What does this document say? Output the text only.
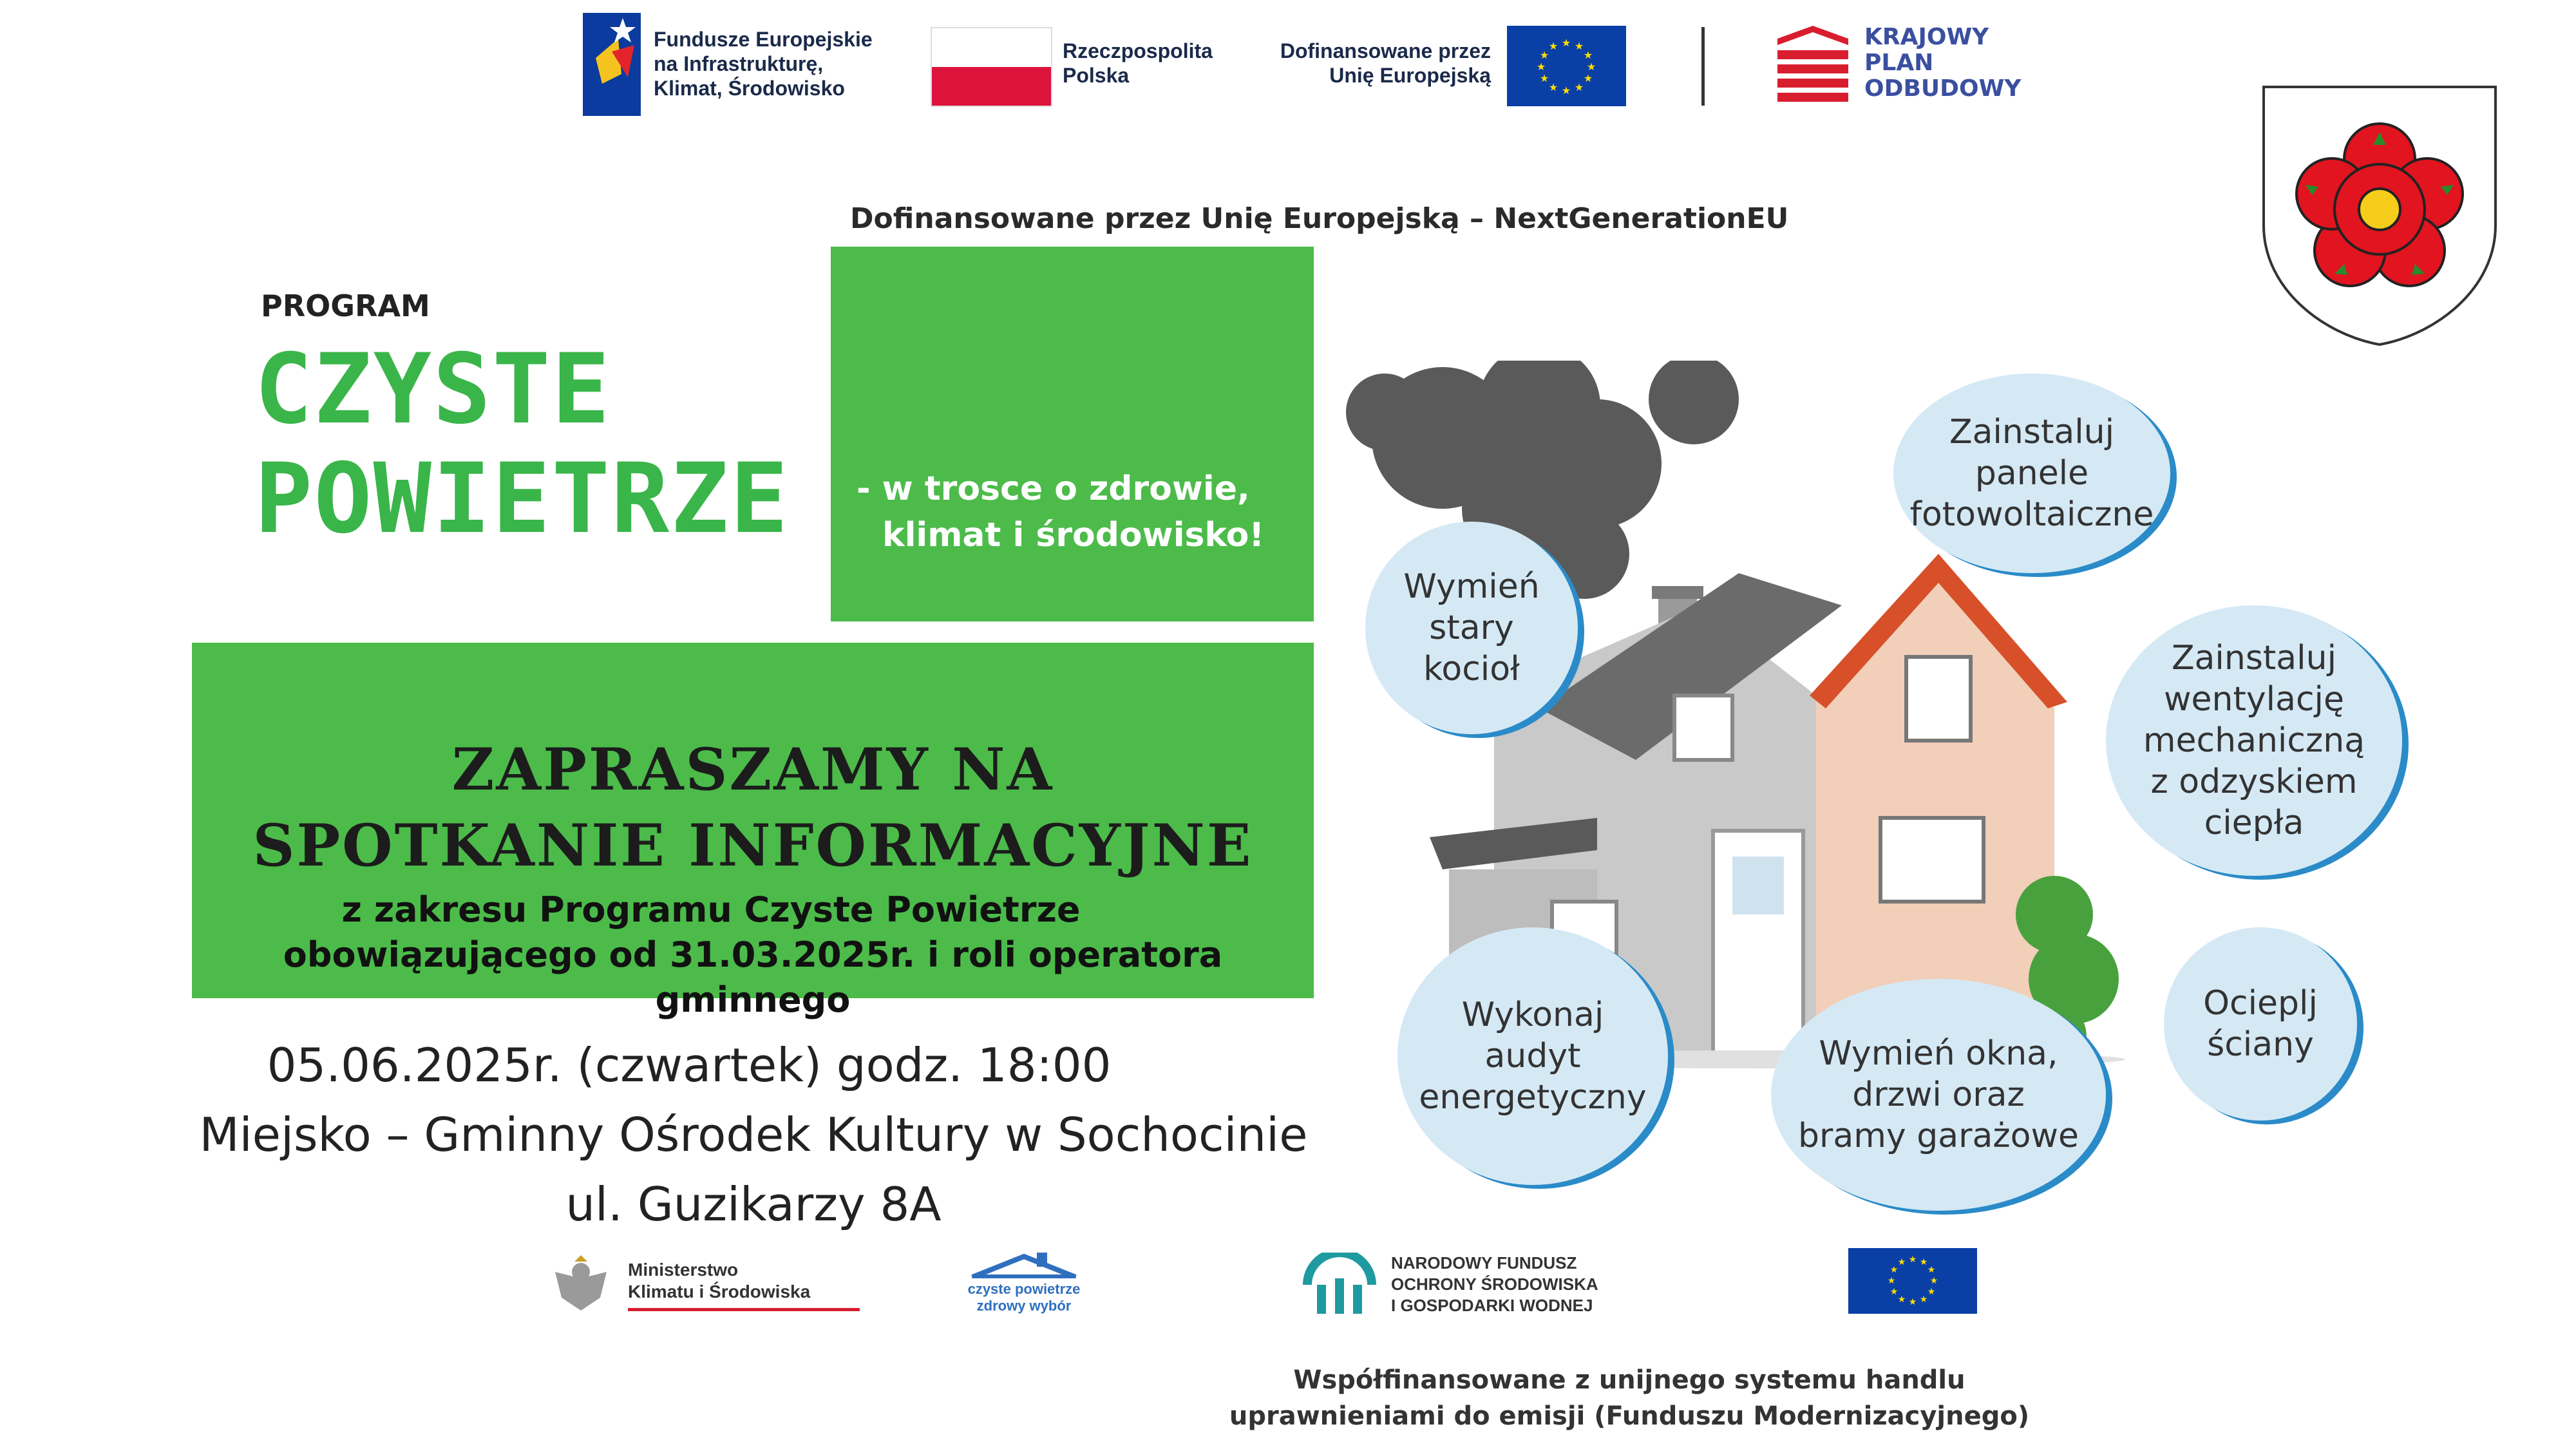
Fundusze Europejskie
na Infrastrukturę,
Klimat, Środowisko
Rzeczpospolita
Polska
Dofinansowane przez
Unię Europejską
★ ★
★
★
★
★
★
★
★
★
★
★	KRAJOWY
PLAN
ODBUDOWY
Dofinansowane przez Unię Europejską – NextGenerationEU
PROGRAM
CZYSTE
POWIETRZE - w trosce o zdrowie,
klimat i środowisko!
ZAPRASZAMY NA
SPOTKANIE INFORMACYJNE
z zakresu Programu Czyste Powietrze
obowiązującego od 31.03.2025r. i roli operatora gminnego
05.06.2025r. (czwartek) godz. 18:00
Miejsko – Gminny Ośrodek Kultury w Sochocinie
ul. Guzikarzy 8A
Zainstaluj
panele
fotowoltaiczne
Wymień
stary
kocioł	Zainstaluj
wentylację
mechaniczną
z odzyskiem
ciepła
Wykonaj
audyt
energetyczny
Wymień okna,
drzwi oraz
bramy garażowe
Ocieplj
ściany
Ministerstwo
Klimatu i Środowiska	czyste powietrze
zdrowy wybór
NARODOWY FUNDUSZ
OCHRONY ŚRODOWISKA
I GOSPODARKI WODNEJ
★ ★
★
★
★
★
★
★
★
★
★
★
Współfinansowane z unijnego systemu handlu
uprawnieniami do emisji (Funduszu Modernizacyjnego)
